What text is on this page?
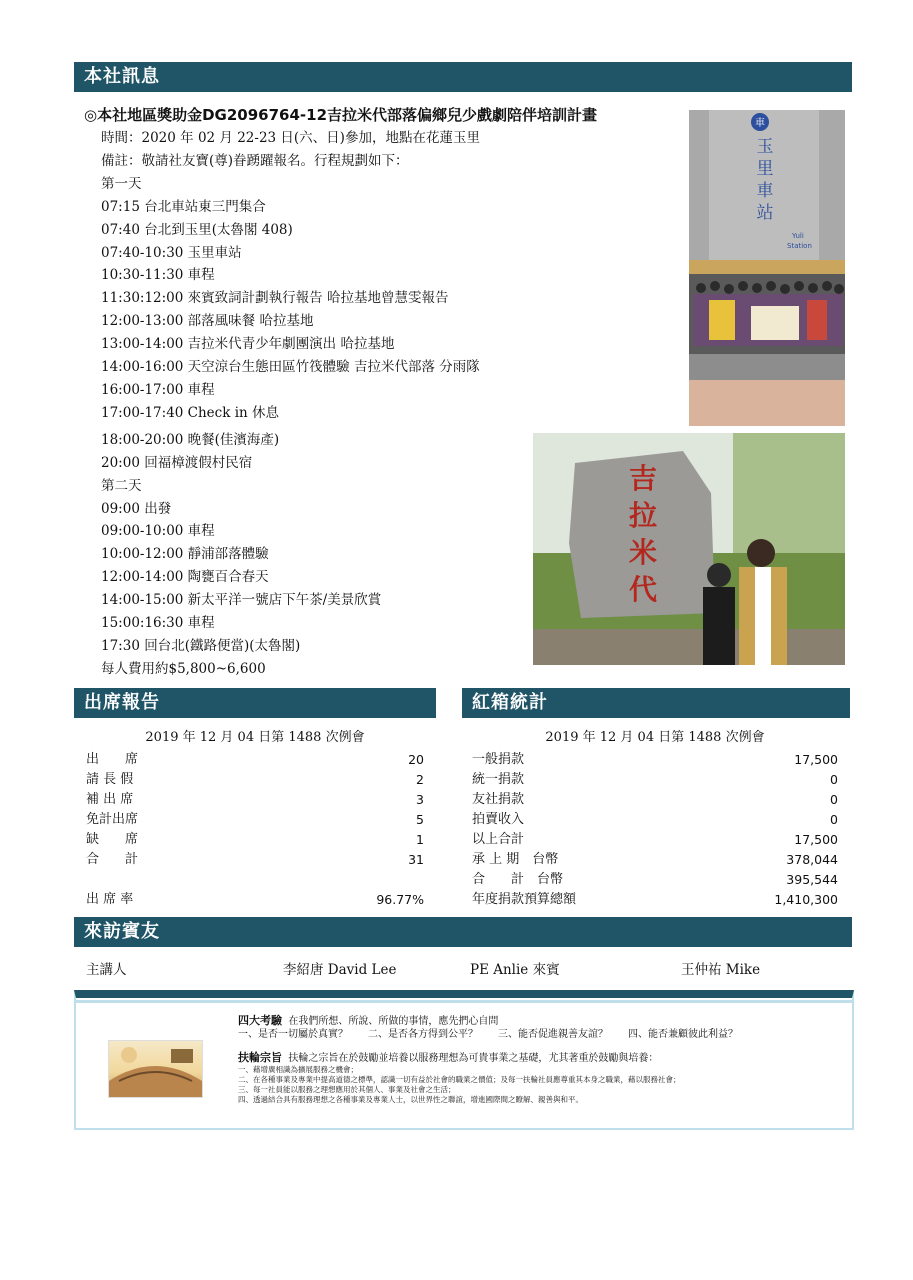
本社訊息
◎本社地區獎助金DG2096764-12吉拉米代部落偏鄉兒少戲劇陪伴培訓計畫
時間：2020 年 02 月 22-23 日(六、日)參加，地點在花蓮玉里
備註：敬請社友寶(尊)眷踴躍報名。行程規劃如下：
第一天
07:15 台北車站東三門集合
07:40 台北到玉里(太魯閣 408)
07:40-10:30 玉里車站
10:30-11:30 車程
11:30:12:00 來賓致詞計劃執行報告 哈拉基地曾慧雯報告
12:00-13:00 部落風味餐 哈拉基地
13:00-14:00 吉拉米代青少年劇團演出 哈拉基地
14:00-16:00 天空涼台生態田區竹筏體驗 吉拉米代部落 分雨隊
16:00-17:00 車程
17:00-17:40 Check in 休息
18:00-20:00 晚餐(佳濱海產)
20:00 回福樟渡假村民宿
第二天
09:00 出發
09:00-10:00 車程
10:00-12:00 靜浦部落體驗
12:00-14:00 陶甕百合春天
14:00-15:00 新太平洋一號店下午茶/美景欣賞
15:00:16:30 車程
17:30 回台北(鐵路便當)(太魯閣)
每人費用約$5,800~6,600
車
玉
里
車
站
Yuli
Station
吉
拉
米
代
出席報告	紅箱統計
2019 年 12 月 04 日第 1488 次例會
出　　席	20
請 長 假	2
補 出 席	3
免計出席	5
缺　　席	1
合　　計	31
出 席 率	96.77%
2019 年 12 月 04 日第 1488 次例會
一般捐款	17,500
統一捐款	0
友社捐款	0
拍賣收入	0
以上合計	17,500
承 上 期　台幣	378,044
合　　計　台幣	395,544
年度捐款預算總額	1,410,300
來訪賓友
主講人	李紹唐 David Lee	PE Anlie 來賓	王仲祐 Mike
四大考驗 在我們所想、所說、所做的事情，應先捫心自問
一、是否一切屬於真實？　　二、是否各方得到公平？　　三、能否促進親善友誼？　　四、能否兼顧彼此利益？
扶輪宗旨 扶輪之宗旨在於鼓勵並培養以服務理想為可貴事業之基礎，尤其著重於鼓勵與培養：
一、藉增廣相識為擴展服務之機會；
二、在各種事業及專業中提高道德之標準，認識一切有益於社會的職業之價值；及每一扶輪社員應尊重其本身之職業，藉以服務社會；
三、每一社員能以服務之理想應用於其個人、事業及社會之生活；
四、透過結合具有服務理想之各種事業及專業人士，以世界性之聯誼，增進國際間之瞭解、親善與和平。
